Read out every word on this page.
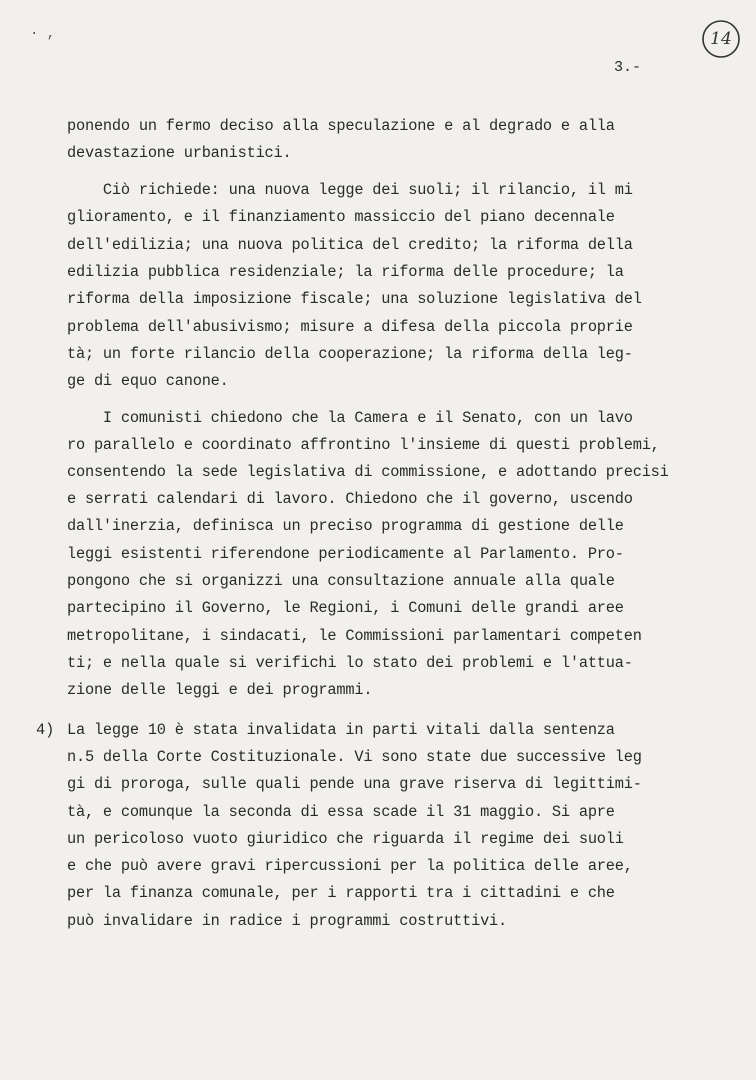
· ,	14
3.-
ponendo un fermo deciso alla speculazione e al degrado e alla
devastazione urbanistici.
Ciò richiede: una nuova legge dei suoli; il rilancio, il mi
glioramento, e il finanziamento massiccio del piano decennale
dell'edilizia; una nuova politica del credito; la riforma della
edilizia pubblica residenziale; la riforma delle procedure; la
riforma della imposizione fiscale; una soluzione legislativa del
problema dell'abusivismo; misure a difesa della piccola proprie
tà; un forte rilancio della cooperazione; la riforma della leg-
ge di equo canone.
I comunisti chiedono che la Camera e il Senato, con un lavo
ro parallelo e coordinato affrontino l'insieme di questi problemi,
consentendo la sede legislativa di commissione, e adottando precisi
e serrati calendari di lavoro. Chiedono che il governo, uscendo
dall'inerzia, definisca un preciso programma di gestione delle
leggi esistenti riferendone periodicamente al Parlamento. Pro-
pongono che si organizzi una consultazione annuale alla quale
partecipino il Governo, le Regioni, i Comuni delle grandi aree
metropolitane, i sindacati, le Commissioni parlamentari competen
ti; e nella quale si verifichi lo stato dei problemi e l'attua-
zione delle leggi e dei programmi.
4) La legge 10 è stata invalidata in parti vitali dalla sentenza
n.5 della Corte Costituzionale. Vi sono state due successive leg
gi di proroga, sulle quali pende una grave riserva di legittimi-
tà, e comunque la seconda di essa scade il 31 maggio. Si apre
un pericoloso vuoto giuridico che riguarda il regime dei suoli
e che può avere gravi ripercussioni per la politica delle aree,
per la finanza comunale, per i rapporti tra i cittadini e che
può invalidare in radice i programmi costruttivi.
